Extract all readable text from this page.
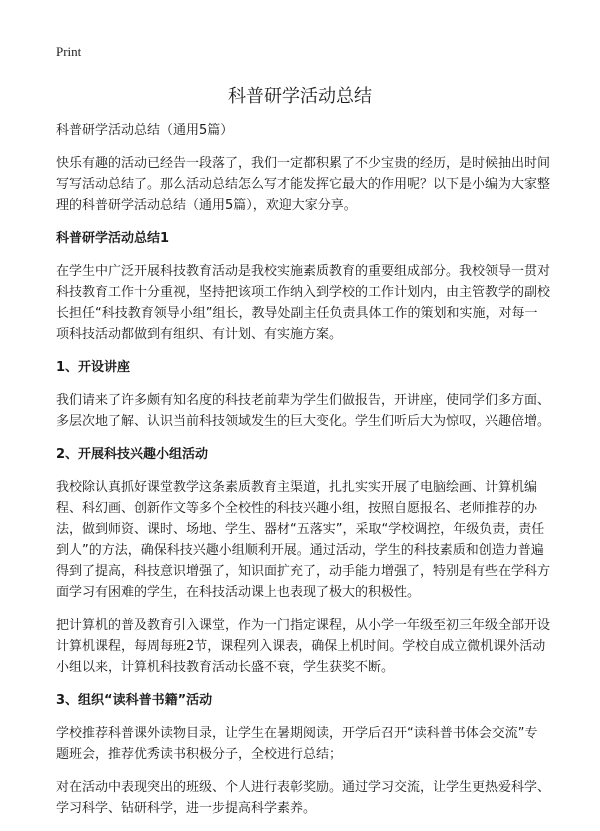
Print
科普研学活动总结

科普研学活动总结（通用5篇）

快乐有趣的活动已经告一段落了，我们一定都积累了不少宝贵的经历，是时候抽出时间写写活动总结了。那么活动总结怎么写才能发挥它最大的作用呢？以下是小编为大家整理的科普研学活动总结（通用5篇），欢迎大家分享。

科普研学活动总结1

在学生中广泛开展科技教育活动是我校实施素质教育的重要组成部分。我校领导一贯对科技教育工作十分重视，坚持把该项工作纳入到学校的工作计划内，由主管教学的副校长担任“科技教育领导小组”组长，教导处副主任负责具体工作的策划和实施，对每一项科技活动都做到有组织、有计划、有实施方案。

1、开设讲座

我们请来了许多颇有知名度的科技老前辈为学生们做报告，开讲座，使同学们多方面、多层次地了解、认识当前科技领域发生的巨大变化。学生们听后大为惊叹，兴趣倍增。

2、开展科技兴趣小组活动

我校除认真抓好课堂教学这条素质教育主渠道，扎扎实实开展了电脑绘画、计算机编程、科幻画、创新作文等多个全校性的科技兴趣小组，按照自愿报名、老师推荐的办法，做到师资、课时、场地、学生、器材“五落实”，采取“学校调控，年级负责，责任到人”的方法，确保科技兴趣小组顺利开展。通过活动，学生的科技素质和创造力普遍得到了提高，科技意识增强了，知识面扩充了，动手能力增强了，特别是有些在学科方面学习有困难的学生，在科技活动课上也表现了极大的积极性。

把计算机的普及教育引入课堂，作为一门指定课程，从小学一年级至初三年级全部开设计算机课程，每周每班2节，课程列入课表，确保上机时间。学校自成立微机课外活动小组以来，计算机科技教育活动长盛不衰，学生获奖不断。

3、组织“读科普书籍”活动

学校推荐科普课外读物目录，让学生在暑期阅读，开学后召开“读科普书体会交流”专题班会，推荐优秀读书积极分子，全校进行总结；

对在活动中表现突出的班级、个人进行表彰奖励。通过学习交流，让学生更热爱科学、学习科学、钻研科学，进一步提高科学素养。
